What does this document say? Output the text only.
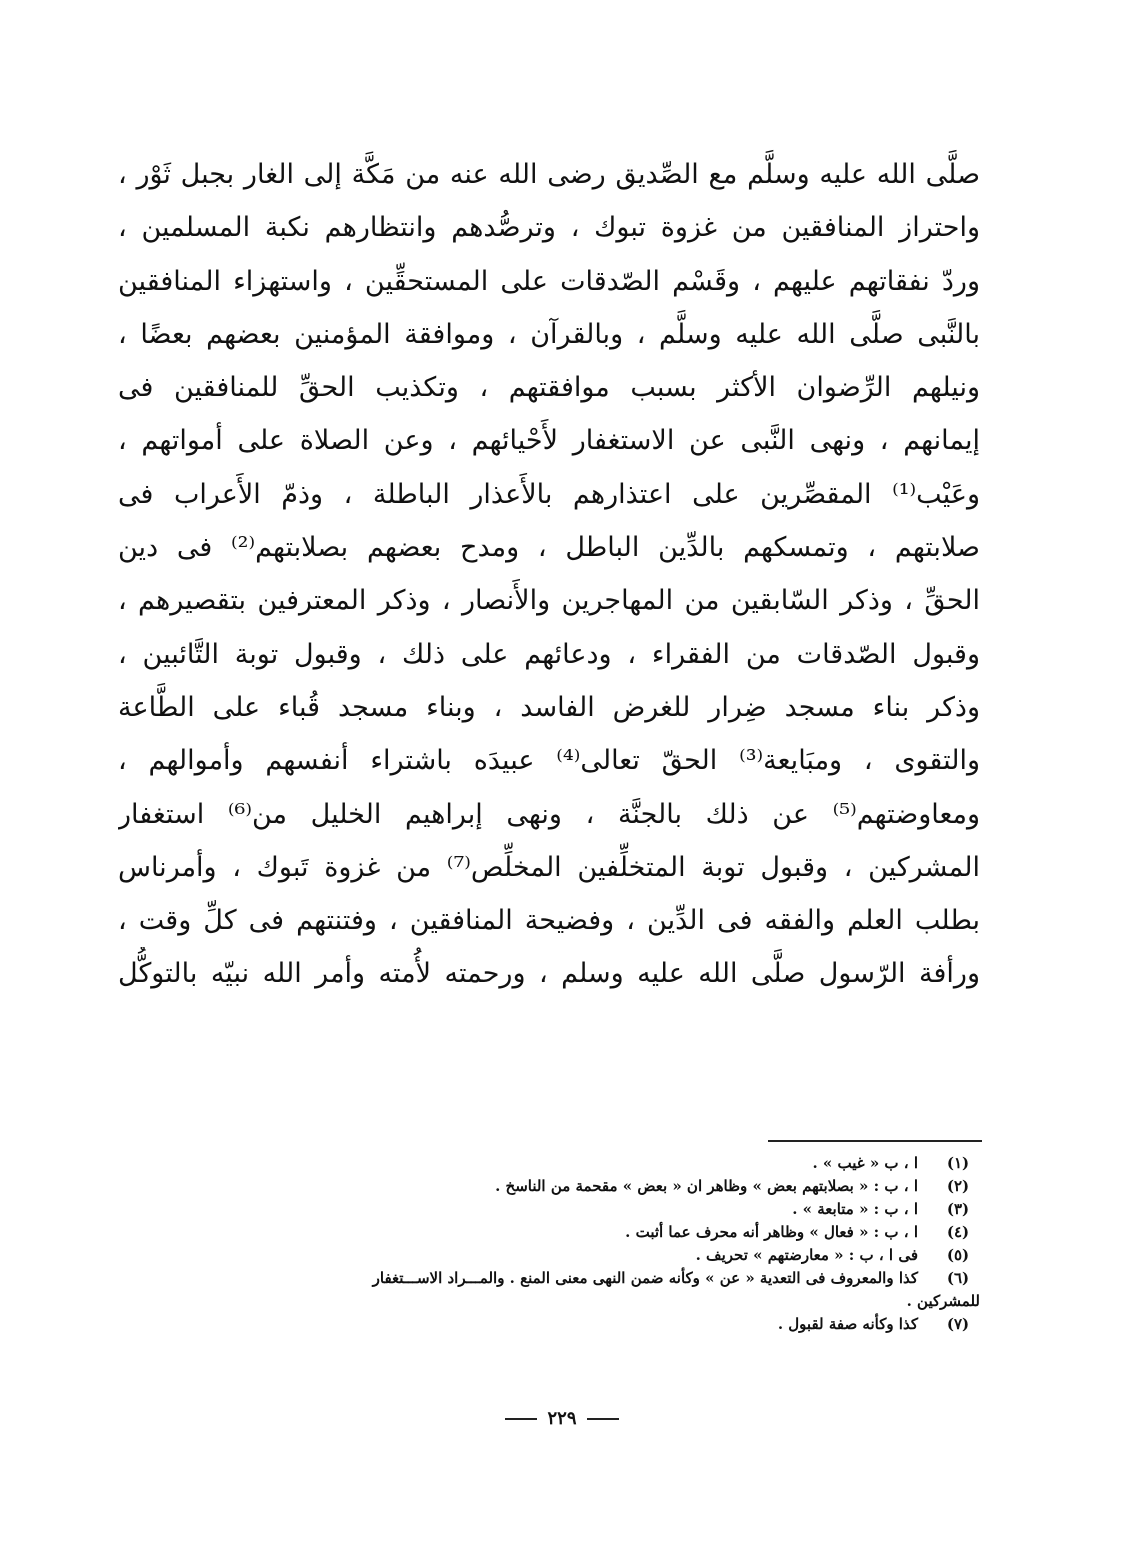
صلَّى الله عليه وسلَّم مع الصِّديق رضى الله عنه من مَكَّة إلى الغار بجبل ثَوْر ،
واحتراز المنافقين من غزوة تبوك ، وترصُّدهم وانتظارهم نكبة المسلمين ،
وردّ نفقاتهم عليهم ، وقَسْم الصّدقات على المستحقِّين ، واستهزاء المنافقين
بالنَّبى صلَّى الله عليه وسلَّم ، وبالقرآن ، وموافقة المؤمنين بعضهم بعضًا ،
ونيلهم الرِّضوان الأكثر بسبب موافقتهم ، وتكذيب الحقِّ للمنافقين فى
إيمانهم ، ونهى النَّبى عن الاستغفار لأَحْيائهم ، وعن الصلاة على أمواتهم ،
وعَيْب⁽¹⁾ المقصِّرين على اعتذارهم بالأَعذار الباطلة ، وذمّ الأَعراب فى
صلابتهم ، وتمسكهم بالدِّين الباطل ، ومدح بعضهم بصلابتهم⁽²⁾ فى دين
الحقِّ ، وذكر السّابقين من المهاجرين والأَنصار ، وذكر المعترفين بتقصيرهم ،
وقبول الصّدقات من الفقراء ، ودعائهم على ذلك ، وقبول توبة التَّائبين ،
وذكر بناء مسجد ضِرار للغرض الفاسد ، وبناء مسجد قُباء على الطَّاعة
والتقوى ، ومبَايعة⁽³⁾ الحقّ تعالى⁽⁴⁾ عبيدَه باشتراء أنفسهم وأموالهم ،
ومعاوضتهم⁽⁵⁾ عن ذلك بالجنَّة ، ونهى إبراهيم الخليل من⁽⁶⁾ استغفار
المشركين ، وقبول توبة المتخلِّفين المخلِّص⁽⁷⁾ من غزوة تَبوك ، وأمرناس
بطلب العلم والفقه فى الدِّين ، وفضيحة المنافقين ، وفتنتهم فى كلِّ وقت ،
ورأفة الرّسول صلَّى الله عليه وسلم ، ورحمته لأُمته وأمر الله نبيّه بالتوكُّل
(١)
ا ، ب « غيب » .
(٢)
ا ، ب : « بصلابتهم بعض » وظاهر ان « بعض » مقحمة من الناسخ .
(٣)
ا ، ب : « متابعة » .
(٤)
ا ، ب : « فعال » وظاهر أنه محرف عما أثبت .
(٥)
فى ا ، ب : « معارضتهم » تحريف .
(٦)
كذا والمعروف فى التعدية « عن » وكأنه ضمن النهى معنى المنع . والمـــراد الاســـتغفار
للمشركين .
(٧)
كذا وكأنه صفة لقبول .
٢٢٩
